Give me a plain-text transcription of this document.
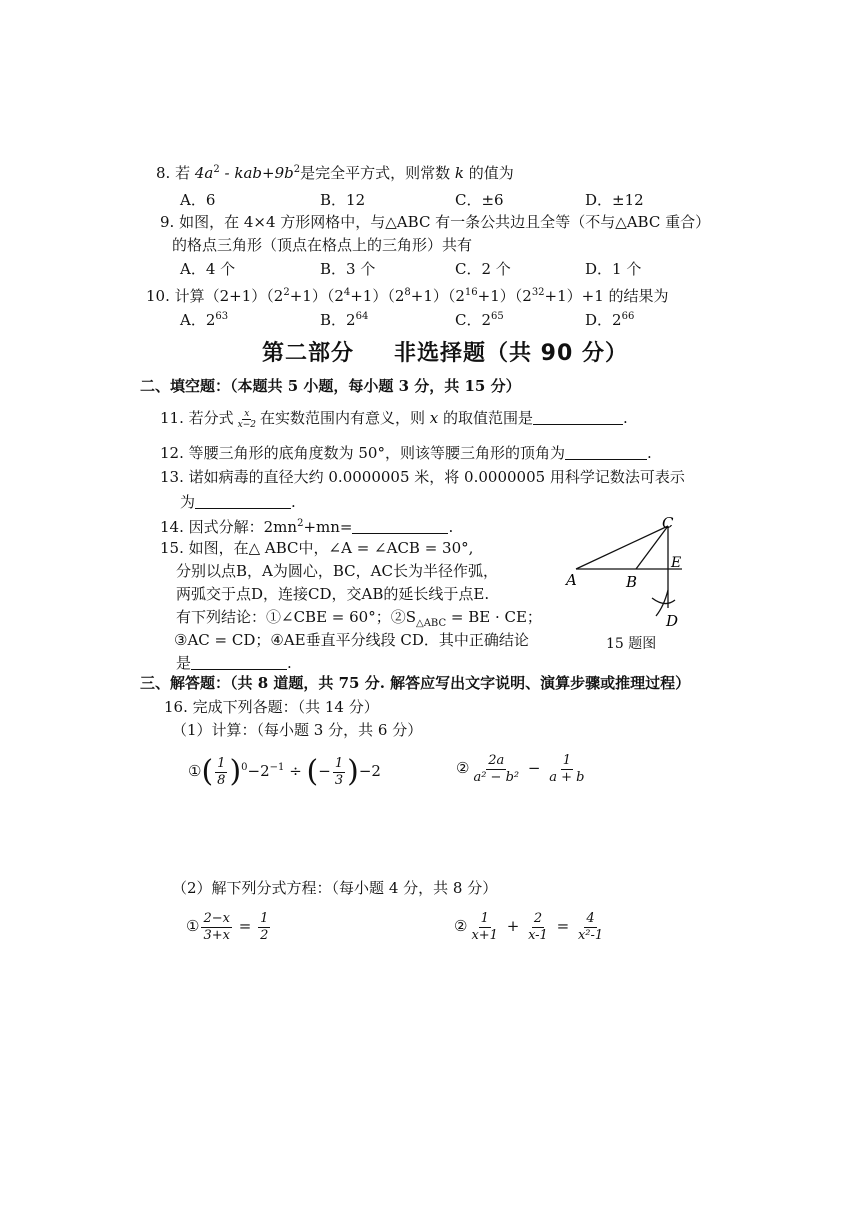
8. 若 $4a^2 - kab+9b^2$是完全平方式，则常数 k 的值为
A．6	B．12	C．±6	D．±12
9. 如图，在 4×4 方形网格中，与△ABC 有一条公共边且全等（不与△ABC 重合）
的格点三角形（顶点在格点上的三角形）共有
A．4 个	B．3 个	C．2 个	D．1 个
10. 计算$(2+1)(2^2+1)(2^4+1)(2^8+1)(2^{16}+1)(2^{32}+1)+1$ 的结果为
A．$2^{63}$	B．$2^{64}$	C．$2^{65}$	D．$2^{66}$
第二部分 非选择题（共 90 分）
二、填空题：（本题共 5 小题，每小题 3 分，共 15 分）
11. 若分式 $\frac{x}{x-2}$ 在实数范围内有意义，则 x 的取值范围是	.
12. 等腰三角形的底角度数为 50°，则该等腰三角形的顶角为	.
13. 诺如病毒的直径大约 0.0000005 米，将 0.0000005 用科学记数法可表示
为	.
14. 因式分解：$2mn^2+mn=$	.
15. 如图，在△ ABC中，∠A = ∠ACB = 30°,
分别以点B，A为圆心，BC，AC长为半径作弧，
两弧交于点D，连接CD，交AB的延长线于点E.
有下列结论：①∠CBE = 60°；$②S_{\triangle ABC}$ = BE · CE；
③AC = CD；④AE垂直平分线段 CD．其中正确结论
是	.
C
A	B
E
D
15 题图
三、解答题：（共 8 道题，共 75 分. 解答应写出文字说明、演算步骤或推理过程）
16. 完成下列各题：（共 14 分）
（1）计算：（每小题 3 分，共 6 分）
①( $\frac{1}{8} )^0-2^{-1}$ ÷ (− $\frac{1}{3} )-2$	② $\frac{2a}{\text{a² − b²}} - \frac{1}{a + b}$
（2）解下列分式方程：（每小题 4 分，共 8 分）
① $\frac{2-x}{3+x} = \frac{1}{2}$	② $\frac{1}{x+1} + \frac{2}{x-1} = \frac{4}{\text{x²-1}}$
